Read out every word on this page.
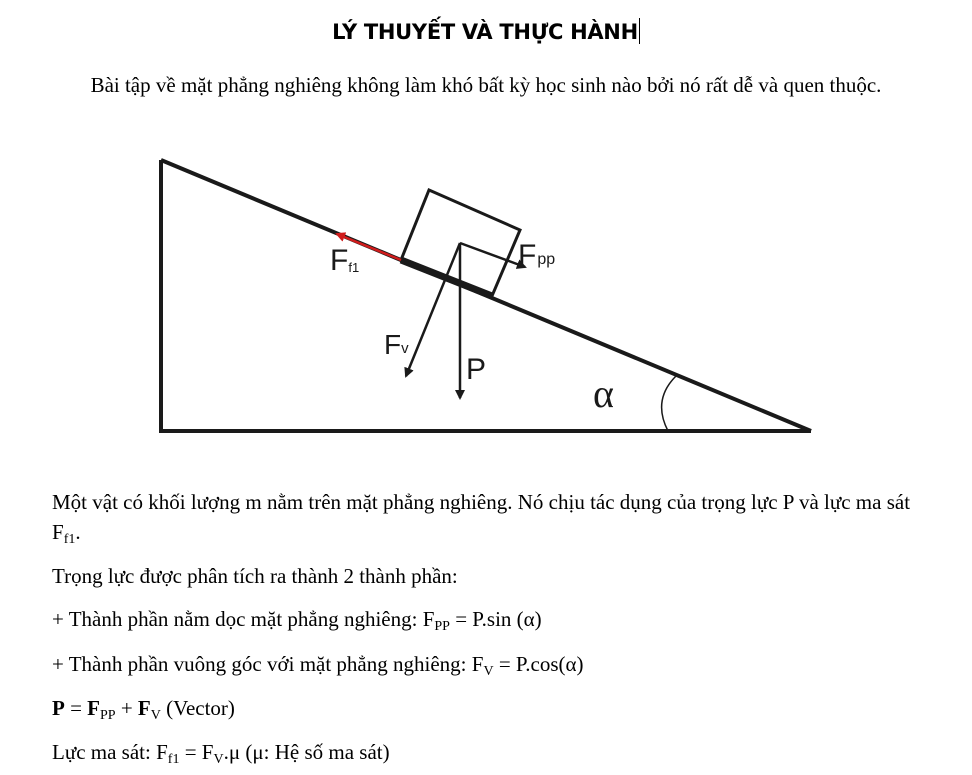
LÝ THUYẾT VÀ THỰC HÀNH
Bài tập về mặt phẳng nghiêng không làm khó bất kỳ học sinh nào bởi nó rất dễ và quen thuộc.
Ff1	Fpp
Fv
P
α
Một vật có khối lượng m nằm trên mặt phẳng nghiêng. Nó chịu tác dụng của trọng lực P và lực ma sát $F_{f1}$.
Trọng lực được phân tích ra thành 2 thành phần:
+ Thành phần nằm dọc mặt phẳng nghiêng: $F_{PP} = P.\sin$ (α)
+ Thành phần vuông góc với mặt phẳng nghiêng: $F_V = P.\cos(\alpha)$
$P = F_{PP} + F_V$ (Vector)
Lực ma sát: $F_{f1} = F_V.\mu$ (μ: Hệ số ma sát)
